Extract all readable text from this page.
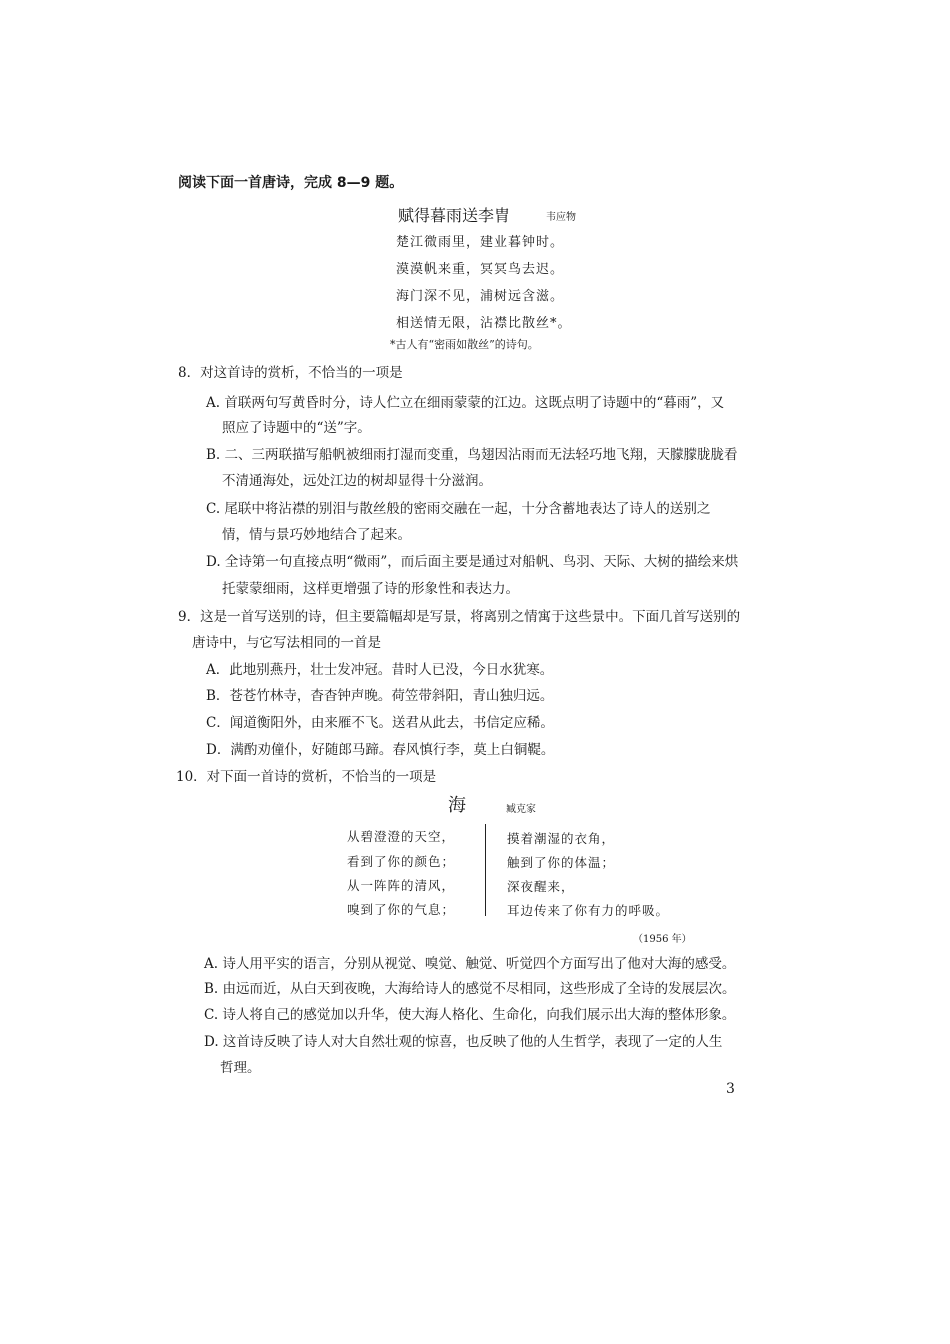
阅读下面一首唐诗，完成 8—9 题。
赋得暮雨送李胄	韦应物
楚江微雨里，建业暮钟时。
漠漠帆来重，冥冥鸟去迟。
海门深不见，浦树远含滋。
相送情无限，沾襟比散丝*。
*古人有“密雨如散丝”的诗句。
8．对这首诗的赏析，不恰当的一项是
A. 首联两句写黄昏时分，诗人伫立在细雨蒙蒙的江边。这既点明了诗题中的“暮雨”，又
照应了诗题中的“送”字。
B. 二、三两联描写船帆被细雨打湿而变重，鸟翅因沾雨而无法轻巧地飞翔，天朦朦胧胧看
不清通海处，远处江边的树却显得十分滋润。
C. 尾联中将沾襟的别泪与散丝般的密雨交融在一起，十分含蓄地表达了诗人的送别之
情，情与景巧妙地结合了起来。
D. 全诗第一句直接点明“微雨”，而后面主要是通过对船帆、鸟羽、天际、大树的描绘来烘
托蒙蒙细雨，这样更增强了诗的形象性和表达力。
9．这是一首写送别的诗，但主要篇幅却是写景，将离别之情寓于这些景中。下面几首写送别的
唐诗中，与它写法相同的一首是
A．此地别燕丹，壮士发冲冠。昔时人已没，今日水犹寒。
B．苍苍竹林寺，杳杳钟声晚。荷笠带斜阳，青山独归远。
C．闻道衡阳外，由来雁不飞。送君从此去，书信定应稀。
D．满酌劝僮仆，好随郎马蹄。春风慎行李，莫上白铜鞮。
10．对下面一首诗的赏析，不恰当的一项是
海	臧克家
从碧澄澄的天空，
看到了你的颜色；
从一阵阵的清风，
嗅到了你的气息；
摸着潮湿的衣角，
触到了你的体温；
深夜醒来，
耳边传来了你有力的呼吸。
（1956 年）
A. 诗人用平实的语言，分别从视觉、嗅觉、触觉、听觉四个方面写出了他对大海的感受。
B. 由远而近，从白天到夜晚，大海给诗人的感觉不尽相同，这些形成了全诗的发展层次。
C. 诗人将自己的感觉加以升华，使大海人格化、生命化，向我们展示出大海的整体形象。
D. 这首诗反映了诗人对大自然壮观的惊喜，也反映了他的人生哲学，表现了一定的人生
哲理。
3
